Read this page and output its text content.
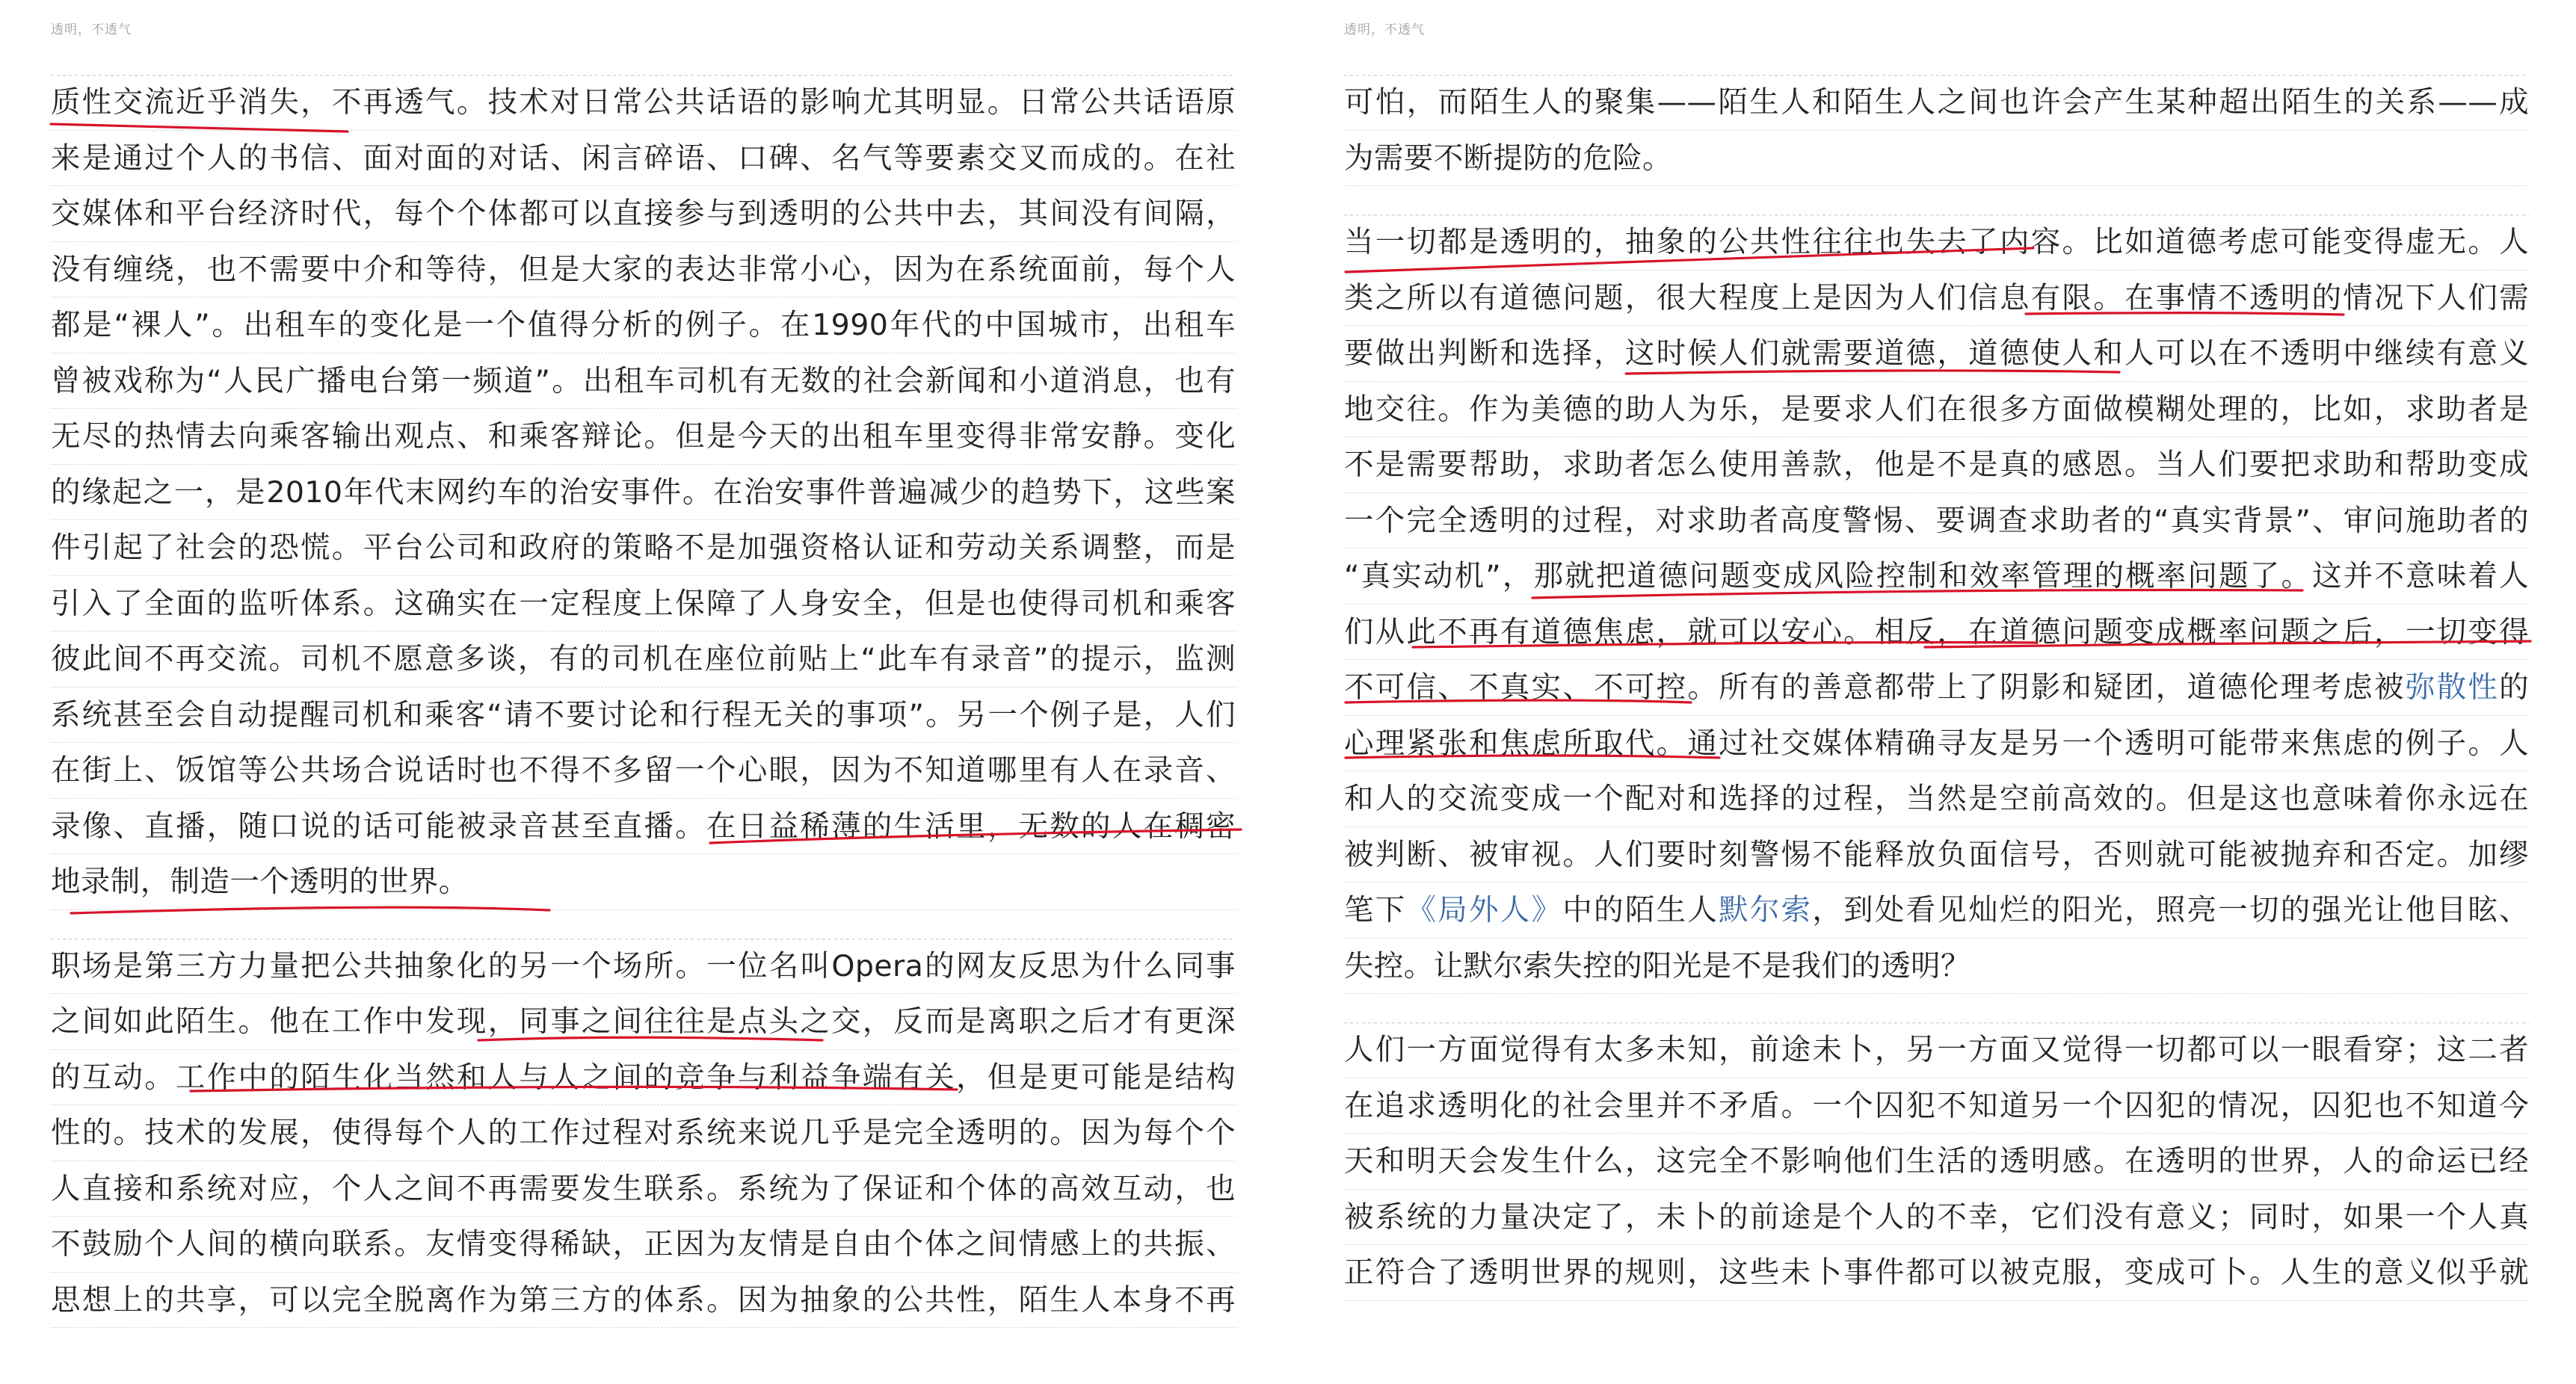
透明，不透气
质性交流近乎消失，不再透气。技术对日常公共话语的影响尤其明显。日常公共话语原
来是通过个人的书信、面对面的对话、闲言碎语、口碑、名气等要素交叉而成的。在社
交媒体和平台经济时代，每个个体都可以直接参与到透明的公共中去，其间没有间隔，
没有缠绕，也不需要中介和等待，但是大家的表达非常小心，因为在系统面前，每个人
都是“裸人”。出租车的变化是一个值得分析的例子。在1990年代的中国城市，出租车
曾被戏称为“人民广播电台第一频道”。出租车司机有无数的社会新闻和小道消息，也有
无尽的热情去向乘客输出观点、和乘客辩论。但是今天的出租车里变得非常安静。变化
的缘起之一，是2010年代末网约车的治安事件。在治安事件普遍减少的趋势下，这些案
件引起了社会的恐慌。平台公司和政府的策略不是加强资格认证和劳动关系调整，而是
引入了全面的监听体系。这确实在一定程度上保障了人身安全，但是也使得司机和乘客
彼此间不再交流。司机不愿意多谈，有的司机在座位前贴上“此车有录音”的提示，监测
系统甚至会自动提醒司机和乘客“请不要讨论和行程无关的事项”。另一个例子是，人们
在街上、饭馆等公共场合说话时也不得不多留一个心眼，因为不知道哪里有人在录音、
录像、直播，随口说的话可能被录音甚至直播。在日益稀薄的生活里，无数的人在稠密
地录制，制造一个透明的世界。
职场是第三方力量把公共抽象化的另一个场所。一位名叫Opera的网友反思为什么同事
之间如此陌生。他在工作中发现，同事之间往往是点头之交，反而是离职之后才有更深
的互动。工作中的陌生化当然和人与人之间的竞争与利益争端有关，但是更可能是结构
性的。技术的发展，使得每个人的工作过程对系统来说几乎是完全透明的。因为每个个
人直接和系统对应，个人之间不再需要发生联系。系统为了保证和个体的高效互动，也
不鼓励个人间的横向联系。友情变得稀缺，正因为友情是自由个体之间情感上的共振、
思想上的共享，可以完全脱离作为第三方的体系。因为抽象的公共性，陌生人本身不再
透明，不透气
可怕，而陌生人的聚集——陌生人和陌生人之间也许会产生某种超出陌生的关系——成
为需要不断提防的危险。
当一切都是透明的，抽象的公共性往往也失去了内容。比如道德考虑可能变得虚无。人
类之所以有道德问题，很大程度上是因为人们信息有限。在事情不透明的情况下人们需
要做出判断和选择，这时候人们就需要道德，道德使人和人可以在不透明中继续有意义
地交往。作为美德的助人为乐，是要求人们在很多方面做模糊处理的，比如，求助者是
不是需要帮助，求助者怎么使用善款，他是不是真的感恩。当人们要把求助和帮助变成
一个完全透明的过程，对求助者高度警惕、要调查求助者的“真实背景”、审问施助者的
“真实动机”，那就把道德问题变成风险控制和效率管理的概率问题了。这并不意味着人
们从此不再有道德焦虑，就可以安心。相反，在道德问题变成概率问题之后，一切变得
不可信、不真实、不可控。所有的善意都带上了阴影和疑团，道德伦理考虑被弥散性的
心理紧张和焦虑所取代。通过社交媒体精确寻友是另一个透明可能带来焦虑的例子。人
和人的交流变成一个配对和选择的过程，当然是空前高效的。但是这也意味着你永远在
被判断、被审视。人们要时刻警惕不能释放负面信号，否则就可能被抛弃和否定。加缪
笔下《局外人》中的陌生人默尔索，到处看见灿烂的阳光，照亮一切的强光让他目眩、
失控。让默尔索失控的阳光是不是我们的透明？
人们一方面觉得有太多未知，前途未卜，另一方面又觉得一切都可以一眼看穿；这二者
在追求透明化的社会里并不矛盾。一个囚犯不知道另一个囚犯的情况，囚犯也不知道今
天和明天会发生什么，这完全不影响他们生活的透明感。在透明的世界，人的命运已经
被系统的力量决定了，未卜的前途是个人的不幸，它们没有意义；同时，如果一个人真
正符合了透明世界的规则，这些未卜事件都可以被克服，变成可卜。人生的意义似乎就
